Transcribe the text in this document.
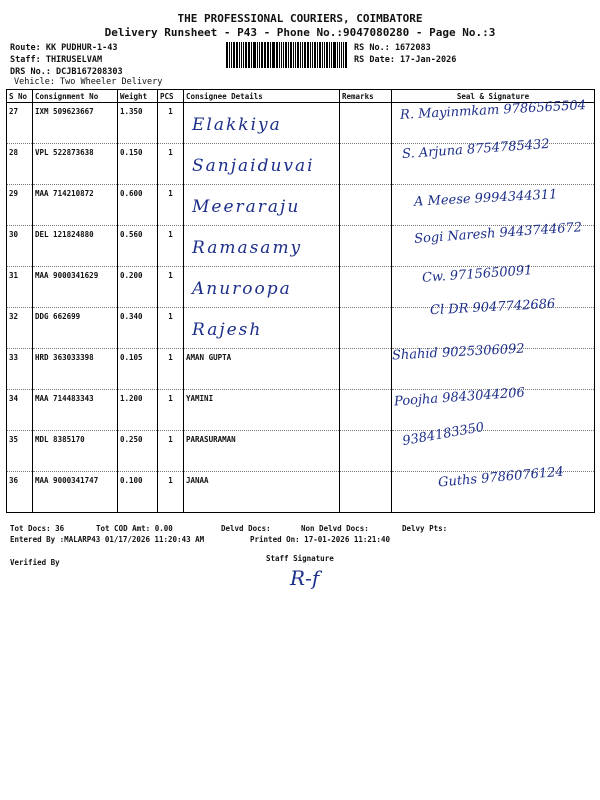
THE PROFESSIONAL COURIERS, COIMBATORE
Delivery Runsheet - P43 - Phone No.:9047080280 - Page No.:3
Route: KK PUDHUR-1-43
Staff: THIRUSELVAM
DRS No.: DCJB167208303
Vehicle: Two Wheeler Delivery
RS No.: 1672083
RS Date: 17-Jan-2026
S No	Consignment No	Weight	PCS	Consignee Details	Remarks	Seal & Signature
27	IXM 509623667	1.350	1	Elakkiya		R. Mayinmkam 9786565504

28	VPL 522873638	0.150	1	Sanjaiduvai		S. Arjuna 8754785432

29	MAA 714210872	0.600	1	Meeraraju		A Meese 9994344311

30	DEL 121824880	0.560	1	Ramasamy		Sogi Naresh 9443744672

31	MAA 9000341629	0.200	1	Anuroopa		Cw. 9715650091

32	DDG 662699	0.340	1	Rajesh		Cl DR 9047742686

33	HRD 363033398	0.105	1	AMAN GUPTA		Shahid 9025306092

34	MAA 714483343	1.200	1	YAMINI		Poojha 9843044206

35	MDL 8385170	0.250	1	PARASURAMAN		9384183350

36	MAA 9000341747	0.100	1	JANAA		Guths 9786076124
Tot Docs: 36	Tot COD Amt: 0.00	Delvd Docs:	Non Delvd Docs:	Delvy Pts:
Entered By :MALARP43 01/17/2026 11:20:43 AM	Printed On: 17-01-2026 11:21:40
Verified By	Staff Signature
R-f
